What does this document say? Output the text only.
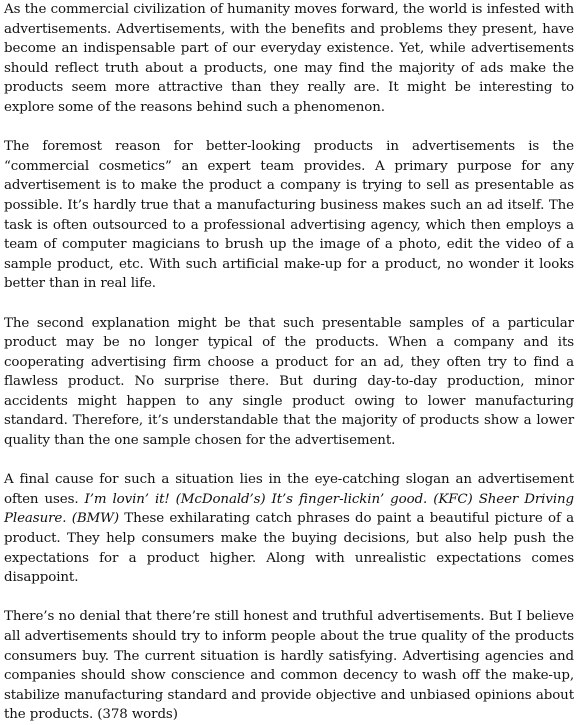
As the commercial civilization of humanity moves forward, the world is infested with advertisements. Advertisements, with the benefits and problems they present, have become an indispensable part of our everyday existence. Yet, while advertisements should reflect truth about a products, one may find the majority of ads make the products seem more attractive than they really are. It might be interesting to explore some of the reasons behind such a phenomenon.

The foremost reason for better-looking products in advertisements is the “commercial cosmetics” an expert team provides. A primary purpose for any advertisement is to make the product a company is trying to sell as presentable as possible. It’s hardly true that a manufacturing business makes such an ad itself. The task is often outsourced to a professional advertising agency, which then employs a team of computer magicians to brush up the image of a photo, edit the video of a sample product, etc. With such artificial make-up for a product, no wonder it looks better than in real life.

The second explanation might be that such presentable samples of a particular product may be no longer typical of the products. When a company and its cooperating advertising firm choose a product for an ad, they often try to find a flawless product. No surprise there. But during day-to-day production, minor accidents might happen to any single product owing to lower manufacturing standard. Therefore, it’s understandable that the majority of products show a lower quality than the one sample chosen for the advertisement.

A final cause for such a situation lies in the eye-catching slogan an advertisement often uses. I’m lovin’ it! (McDonald’s) It’s finger-lickin’ good. (KFC) Sheer Driving Pleasure. (BMW) These exhilarating catch phrases do paint a beautiful picture of a product. They help consumers make the buying decisions, but also help push the expectations for a product higher. Along with unrealistic expectations comes disappoint.

There’s no denial that there’re still honest and truthful advertisements. But I believe all advertisements should try to inform people about the true quality of the products consumers buy. The current situation is hardly satisfying. Advertising agencies and companies should show conscience and common decency to wash off the make-up, stabilize manufacturing standard and provide objective and unbiased opinions about the products. (378 words)
